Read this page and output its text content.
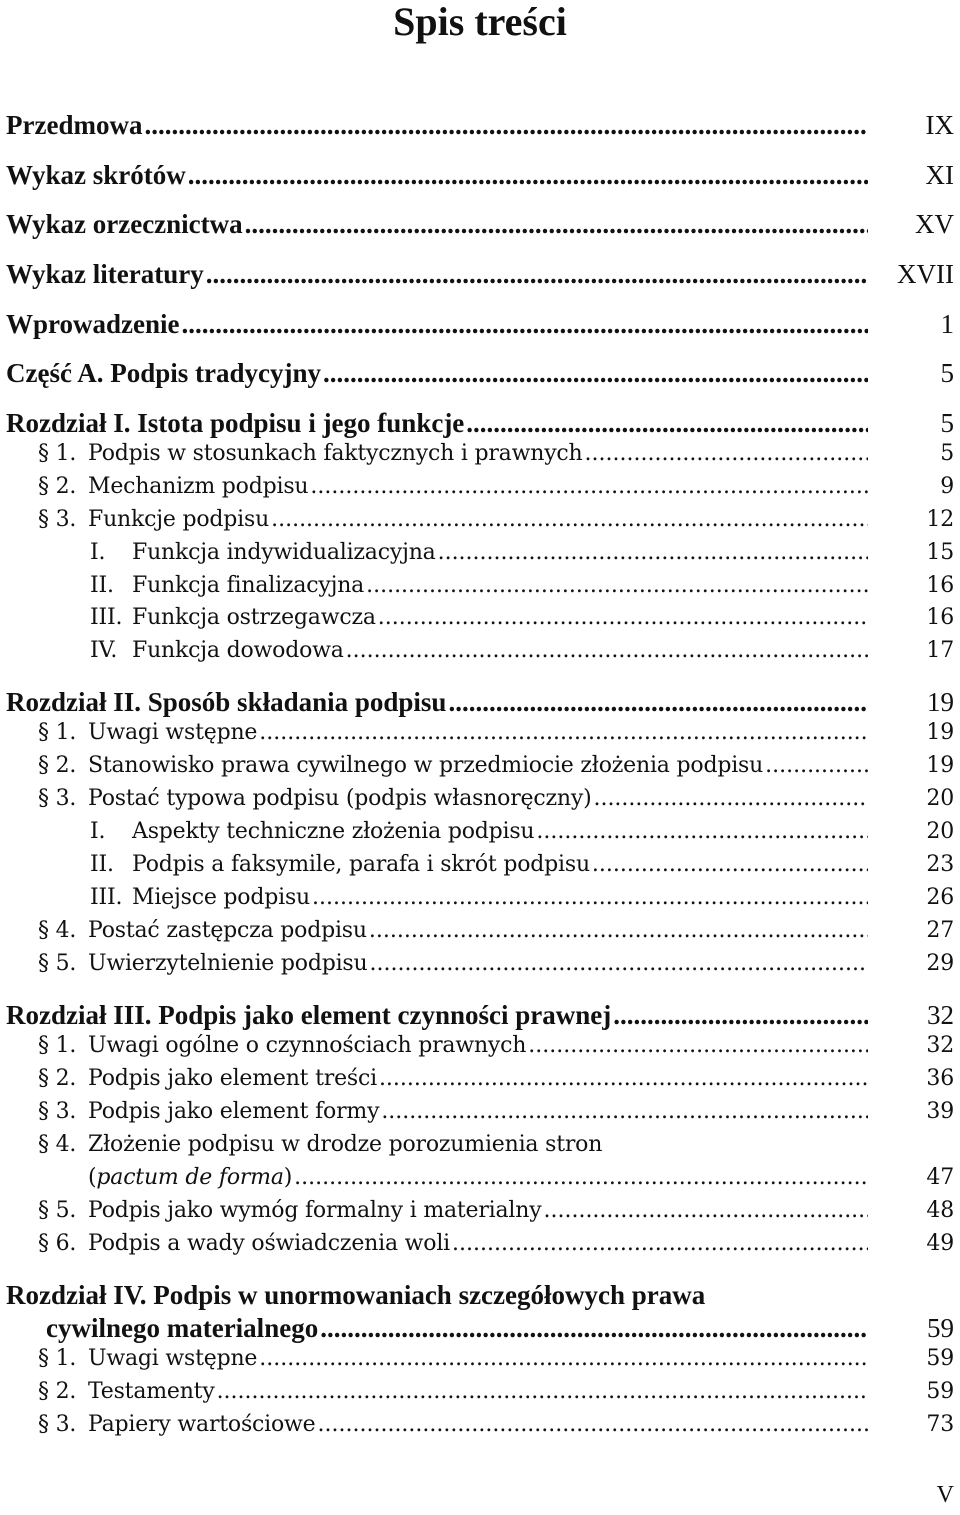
Spis treści
Przedmowa .....	IX
Wykaz skrótów .....	XI
Wykaz orzecznictwa .....	XV
Wykaz literatury .....	XVII
Wprowadzenie .....	1
Część A. Podpis tradycyjny .....	5
Rozdział I. Istota podpisu i jego funkcje .....	5
§ 1. Podpis w stosunkach faktycznych i prawnych .....	5
§ 2. Mechanizm podpisu .....	9
§ 3. Funkcje podpisu .....	12
I.	Funkcja indywidualizacyjna .....	15
II. Funkcja finalizacyjna .....	16
III. Funkcja ostrzegawcza .....	16
IV. Funkcja dowodowa .....	17
Rozdział II. Sposób składania podpisu .....	19
§ 1. Uwagi wstępne .....	19
§ 2. Stanowisko prawa cywilnego w przedmiocie złożenia podpisu .....	19
§ 3. Postać typowa podpisu (podpis własnoręczny) .....	20
I.	Aspekty techniczne złożenia podpisu .....	20
II. Podpis a faksymile, parafa i skrót podpisu .....	23
III. Miejsce podpisu .....	26
§ 4. Postać zastępcza podpisu .....	27
§ 5. Uwierzytelnienie podpisu .....	29
Rozdział III. Podpis jako element czynności prawnej .....	32
§ 1. Uwagi ogólne o czynnościach prawnych .....	32
§ 2. Podpis jako element treści .....	36
§ 3. Podpis jako element formy .....	39
§ 4.Złożenie podpisu w drodze porozumienia stron
( pactum de forma ) .....	47
§ 5. Podpis jako wymóg formalny i materialny .....	48
§ 6. Podpis a wady oświadczenia woli .....	49
Rozdział IV. Podpis w unormowaniach szczegółowych prawa
cywilnego materialnego .....	59
§ 1. Uwagi wstępne .....	59
§ 2. Testamenty .....	59
§ 3. Papiery wartościowe .....	73
V
